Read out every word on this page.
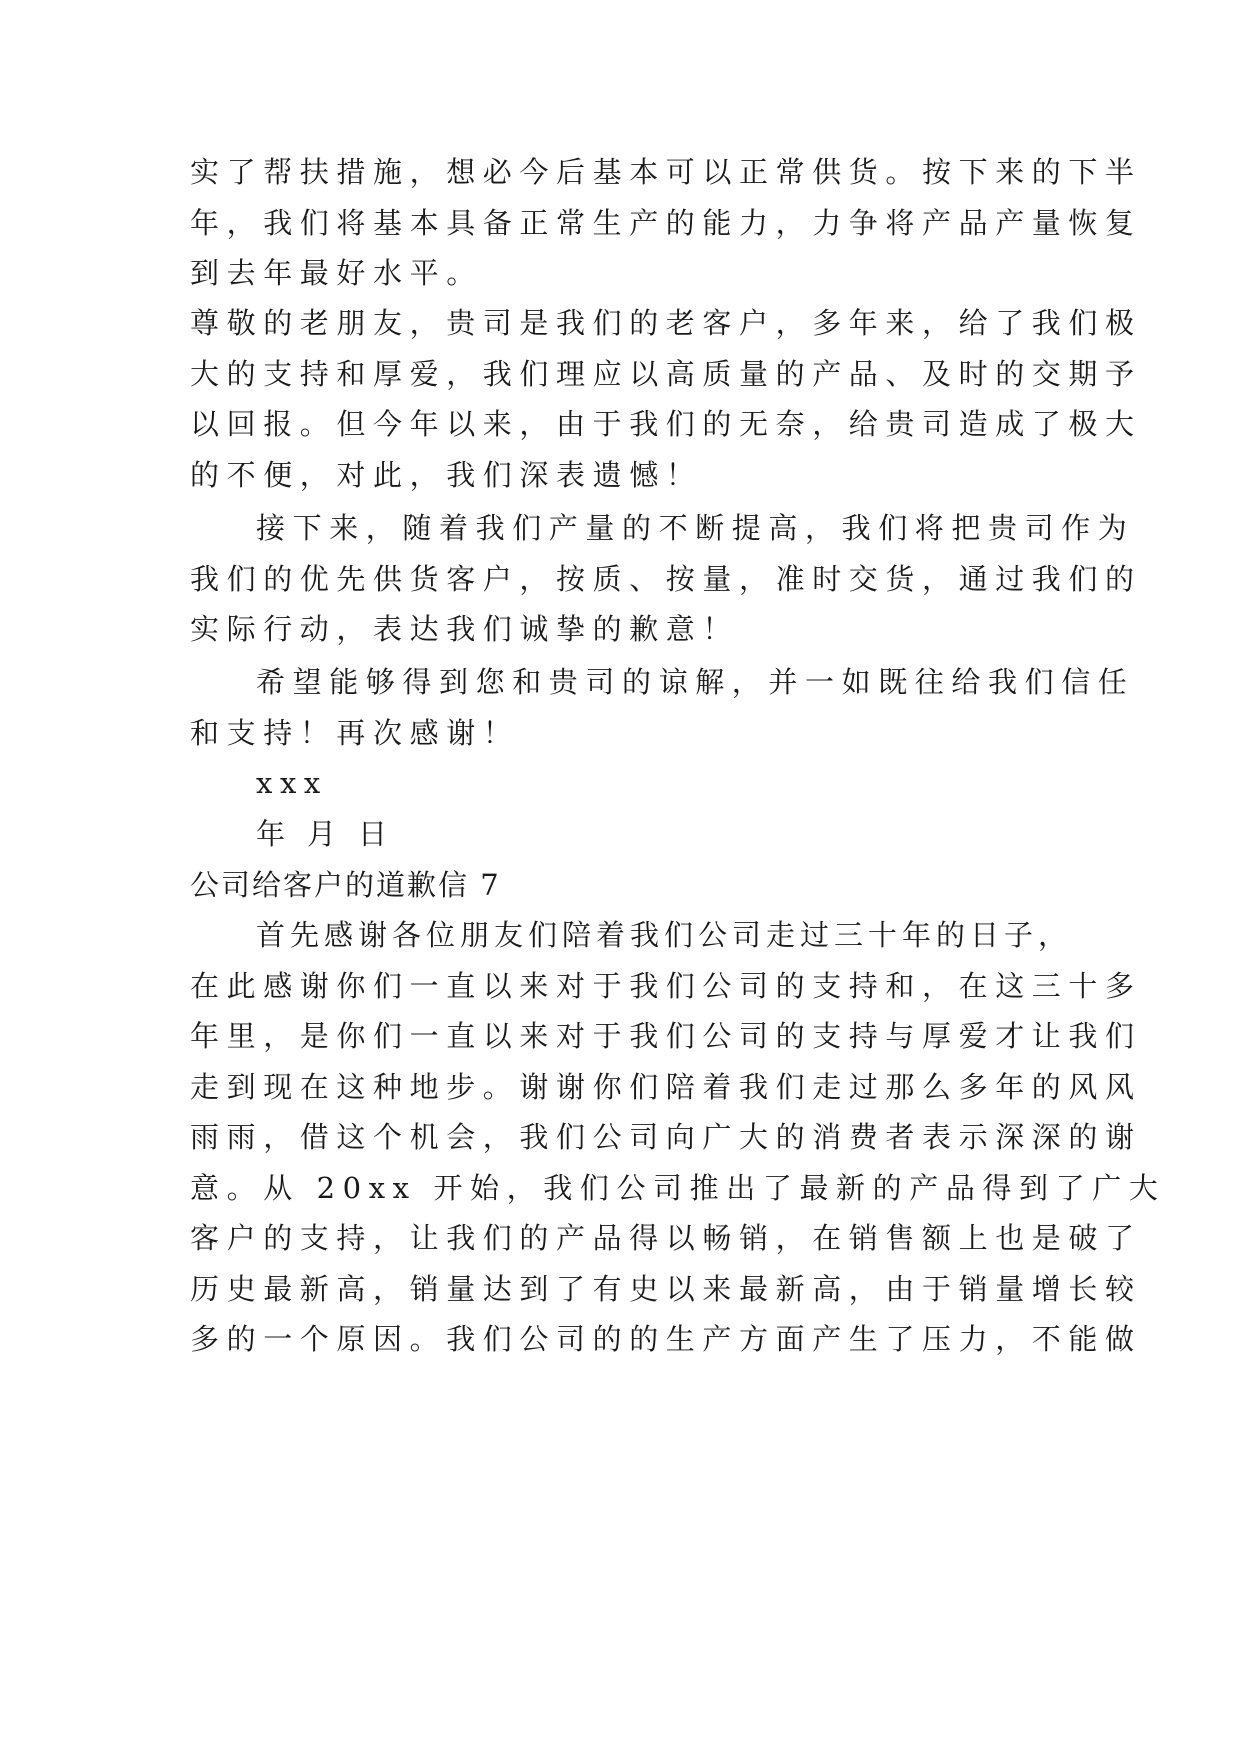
实了帮扶措施，想必今后基本可以正常供货。按下来的下半
年，我们将基本具备正常生产的能力，力争将产品产量恢复
到去年最好水平。
尊敬的老朋友，贵司是我们的老客户，多年来，给了我们极
大的支持和厚爱，我们理应以高质量的产品、及时的交期予
以回报。但今年以来，由于我们的无奈，给贵司造成了极大
的不便，对此，我们深表遗憾！
接下来，随着我们产量的不断提高，我们将把贵司作为
我们的优先供货客户，按质、按量，准时交货，通过我们的
实际行动，表达我们诚挚的歉意！
希望能够得到您和贵司的谅解，并一如既往给我们信任
和支持！再次感谢！
xxx
年 月 日
公司给客户的道歉信 7
首先感谢各位朋友们陪着我们公司走过三十年的日子，
在此感谢你们一直以来对于我们公司的支持和，在这三十多
年里，是你们一直以来对于我们公司的支持与厚爱才让我们
走到现在这种地步。谢谢你们陪着我们走过那么多年的风风
雨雨，借这个机会，我们公司向广大的消费者表示深深的谢
意。从 20xx 开始，我们公司推出了最新的产品得到了广大
客户的支持，让我们的产品得以畅销，在销售额上也是破了
历史最新高，销量达到了有史以来最新高，由于销量增长较
多的一个原因。我们公司的的生产方面产生了压力，不能做
